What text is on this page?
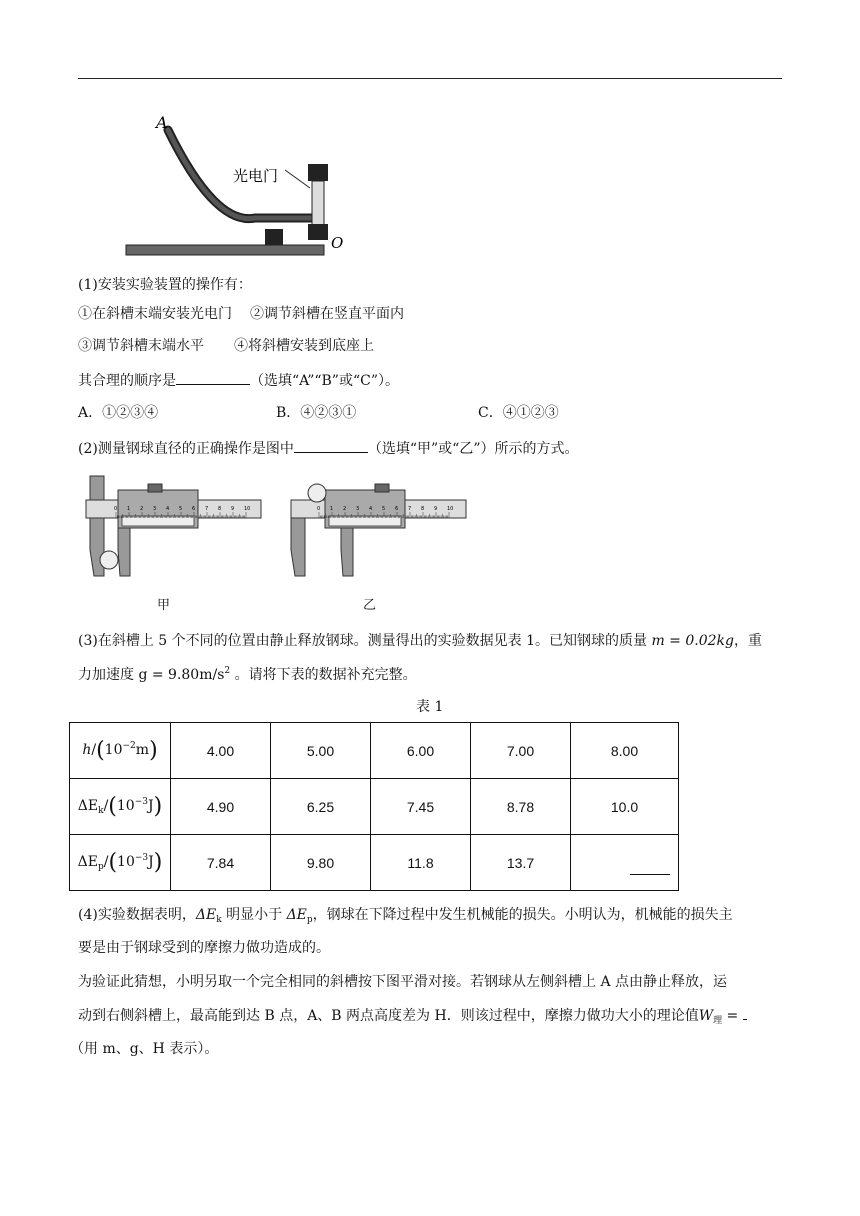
A
O
光电门
(1)安装实验装置的操作有：
①在斜槽末端安装光电门 ②调节斜槽在竖直平面内
③调节斜槽末端水平 ④将斜槽安装到底座上
其合理的顺序是	（选填“A”“B”或“C”）。
A．①②③④	B．④②③①	C．④①②③
(2)测量钢球直径的正确操作是图中	（选填“甲”或“乙”）所示的方式。
0 1 2 3 4 5 6 7 8 9 10	0 1 2 3 4 5 6 7 8 9 10
甲	乙
(3)在斜槽上 5 个不同的位置由静止释放钢球。测量得出的实验数据见表 1。已知钢球的质量 m = 0.02kg，重
力加速度 $g = 9.80m/s^2$ 。请将下表的数据补充完整。
表 1
$h/(10^{-2}m)$	4.00	5.00	6.00	7.00	8.00
$\Delta E_k/(10^{-3}J)$	4.90	6.25	7.45	8.78	10.0
$\Delta E_p/(10^{-3}J)$	7.84	9.80	11.8	13.7	
(4)实验数据表明，$\Delta E_k$ 明显小于 $\Delta E_p$，钢球在下降过程中发生机械能的损失。小明认为，机械能的损失主
要是由于钢球受到的摩擦力做功造成的。
为验证此猜想，小明另取一个完全相同的斜槽按下图平滑对接。若钢球从左侧斜槽上 A 点由静止释放，运
动到右侧斜槽上，最高能到达 B 点，A、B 两点高度差为 H．则该过程中，摩擦力做功大小的理论值$W_理$ =
（用 m、g、H 表示）。
